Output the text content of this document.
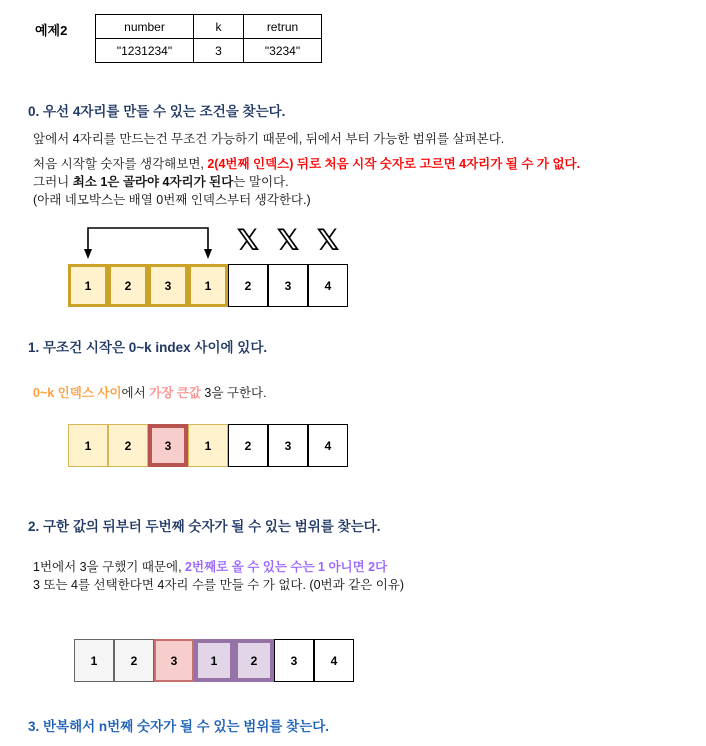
예제2	number	k	retrun
"1231234"	3	"3234"
0. 우선 4자리를 만들 수 있는 조건을 찾는다.
앞에서 4자리를 만드는건 무조건 가능하기 때문에, 뒤에서 부터 가능한 범위를 살펴본다.
처음 시작할 숫자를 생각해보면, 2(4번째 인덱스) 뒤로 처음 시작 숫자로 고르면 4자리가 될 수 가 없다.
그러니 최소 1은 골라야 4자리가 된다는 말이다.
(아래 네모박스는 배열 0번째 인덱스부터 생각한다.)
𝕏 𝕏 𝕏
1	2	3	1	2	3	4
1. 무조건 시작은 0~k index 사이에 있다.
0~k 인덱스 사이에서 가장 큰값 3을 구한다.
1	2	3	1	2	3	4
2. 구한 값의 뒤부터 두번째 숫자가 될 수 있는 범위를 찾는다.
1번에서 3을 구했기 때문에, 2번째로 올 수 있는 수는 1 아니면 2다
3 또는 4를 선택한다면 4자리 수를 만들 수 가 없다. (0번과 같은 이유)
1	2	3	1	2	3	4
3. 반복해서 n번째 숫자가 될 수 있는 범위를 찾는다.
